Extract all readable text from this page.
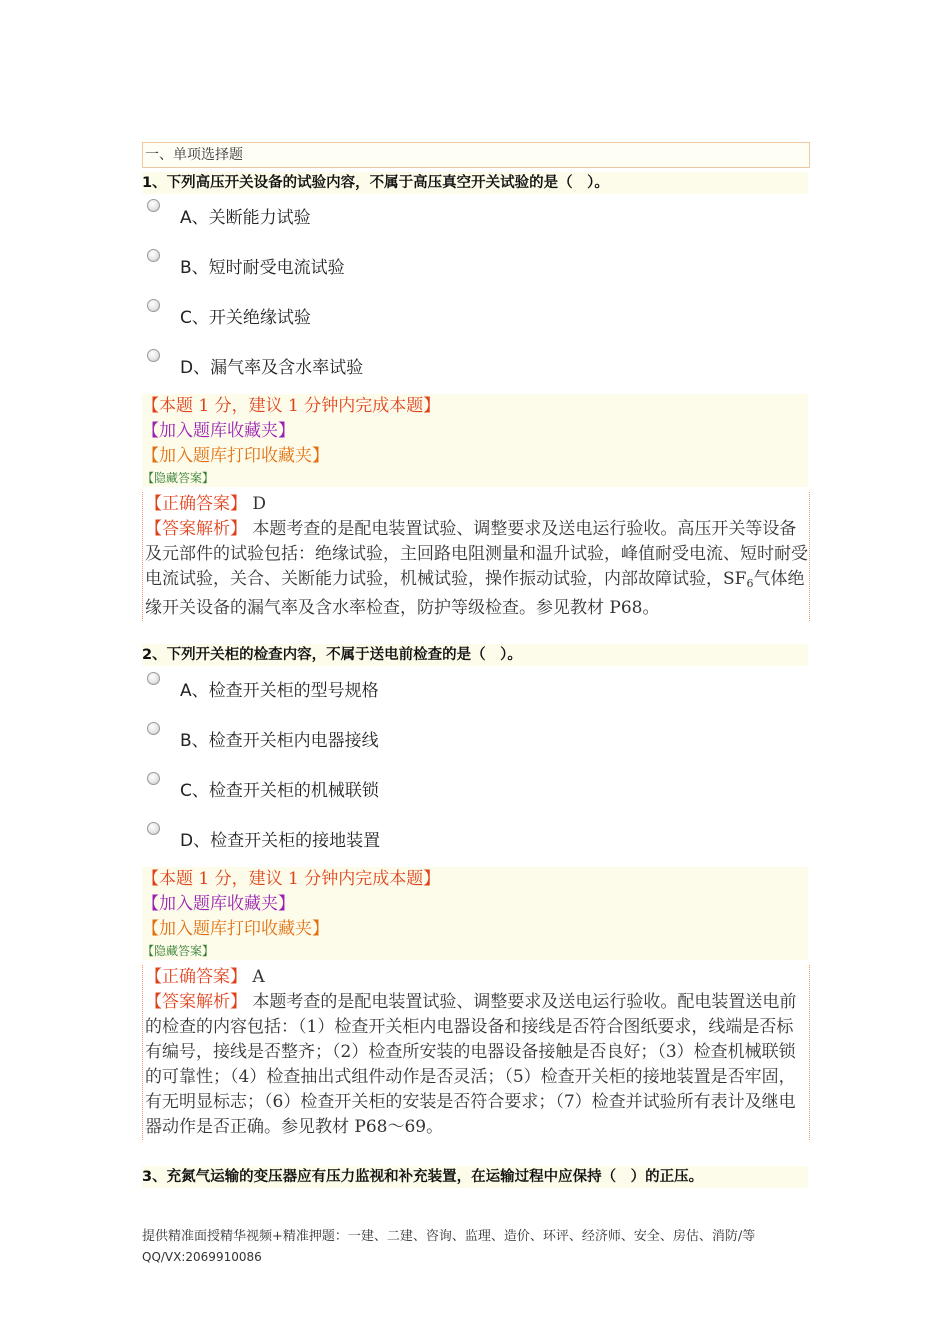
一、单项选择题
1、下列高压开关设备的试验内容，不属于高压真空开关试验的是（　）。
A、关断能力试验
B、短时耐受电流试验
C、开关绝缘试验
D、漏气率及含水率试验
【本题 1 分，建议 1 分钟内完成本题】
【加入题库收藏夹】
【加入题库打印收藏夹】
【隐藏答案】
【正确答案】 D
【答案解析】 本题考查的是配电装置试验、调整要求及送电运行验收。高压开关等设备及元部件的试验包括：绝缘试验，主回路电阻测量和温升试验，峰值耐受电流、短时耐受电流试验，关合、关断能力试验，机械试验，操作振动试验，内部故障试验，$SF_6$气体绝缘开关设备的漏气率及含水率检查，防护等级检查。参见教材 P68。
2、下列开关柜的检查内容，不属于送电前检查的是（　）。
A、检查开关柜的型号规格
B、检查开关柜内电器接线
C、检查开关柜的机械联锁
D、检查开关柜的接地装置
【本题 1 分，建议 1 分钟内完成本题】
【加入题库收藏夹】
【加入题库打印收藏夹】
【隐藏答案】
【正确答案】 A
【答案解析】 本题考查的是配电装置试验、调整要求及送电运行验收。配电装置送电前的检查的内容包括：（1）检查开关柜内电器设备和接线是否符合图纸要求，线端是否标有编号，接线是否整齐；（2）检查所安装的电器设备接触是否良好；（3）检查机械联锁的可靠性；（4）检查抽出式组件动作是否灵活；（5）检查开关柜的接地装置是否牢固，有无明显标志；（6）检查开关柜的安装是否符合要求；（7）检查并试验所有表计及继电器动作是否正确。参见教材 P68～69。
3、充氮气运输的变压器应有压力监视和补充装置，在运输过程中应保持（　）的正压。
提供精准面授精华视频+精准押题：一建、二建、咨询、监理、造价、环评、经济师、安全、房估、消防/等 QQ/VX:2069910086
